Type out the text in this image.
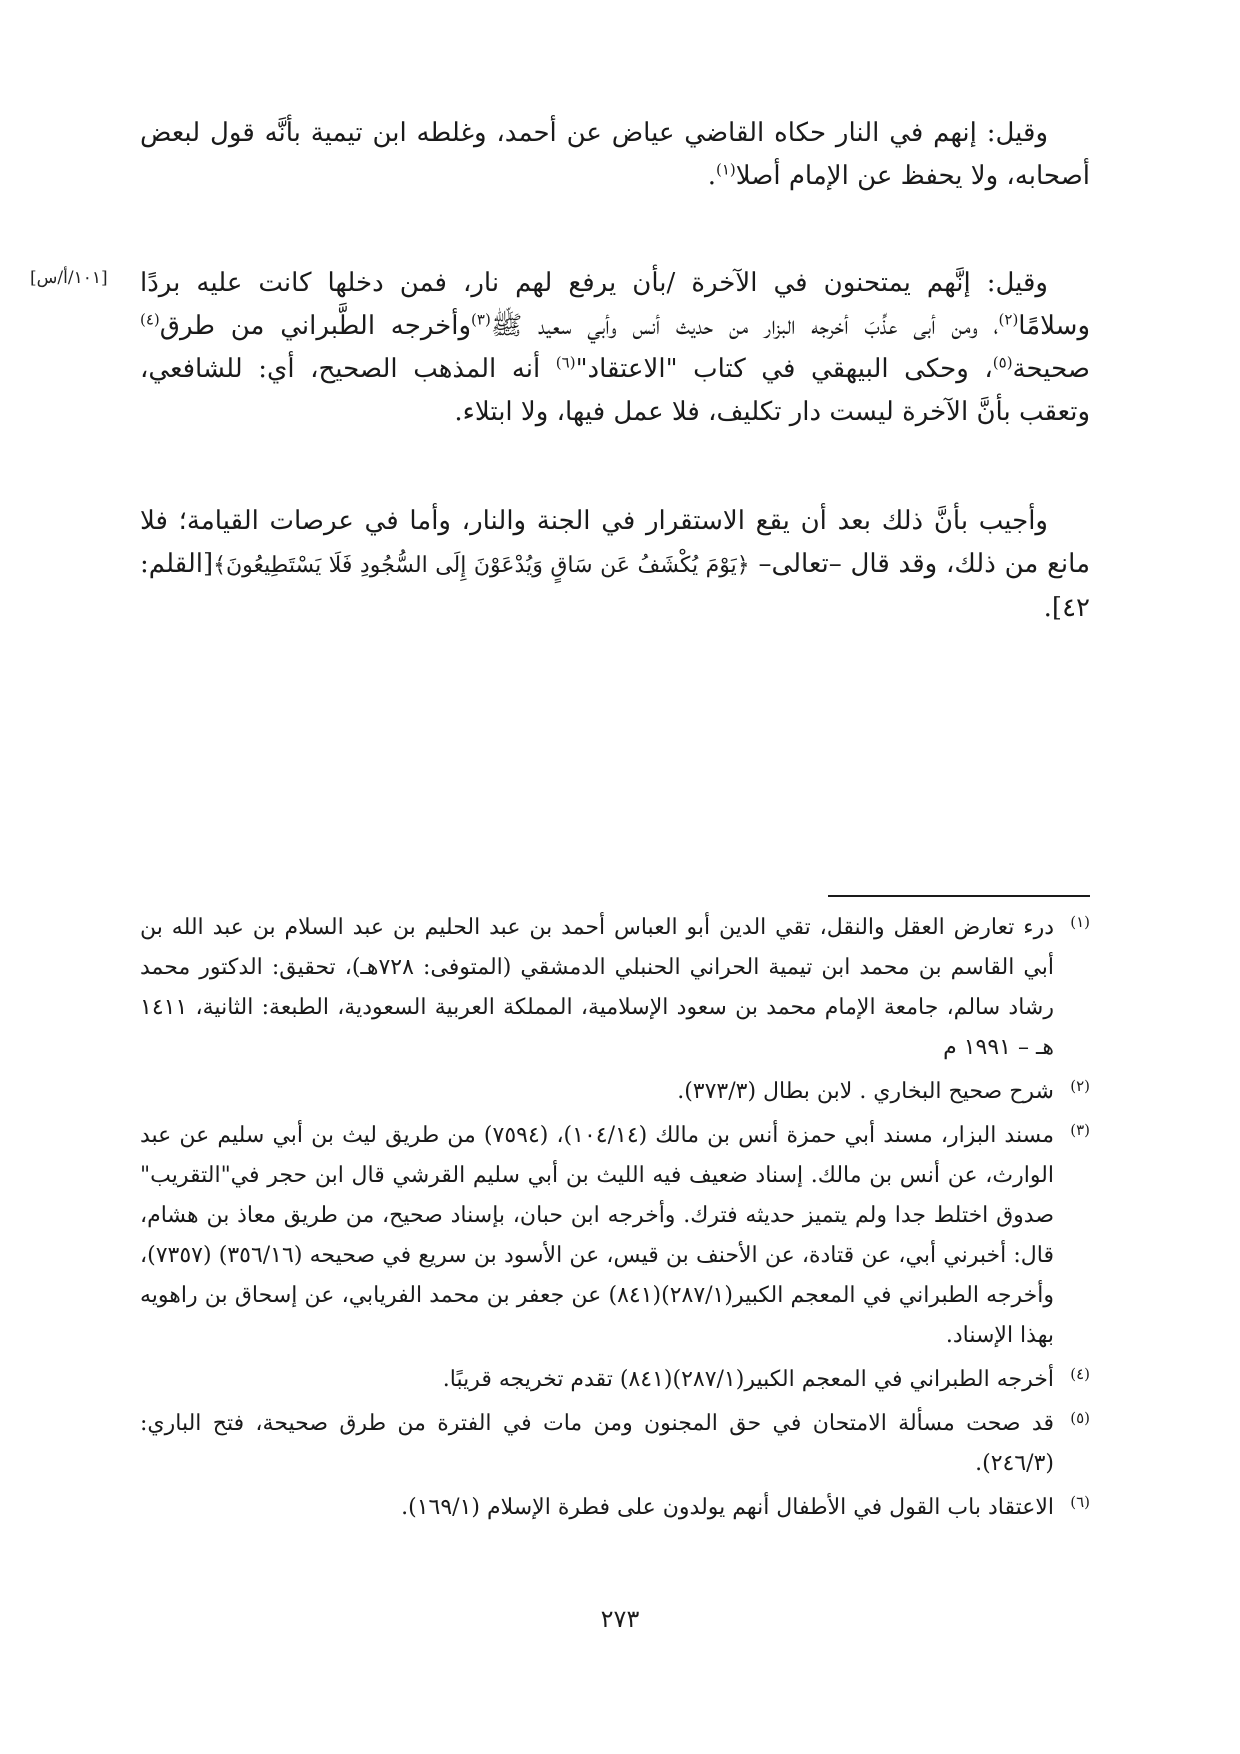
[١٠١/أ/س]

وقيل: إنهم في النار حكاه القاضي عياض عن أحمد، وغلطه ابن تيمية بأنَّه قول لبعض أصحابه، ولا يحفظ عن الإمام أصلا$^{(١)}$.

وقيل: إنَّهم يمتحنون في الآخرة /بأن يرفع لهم نار، فمن دخلها كانت عليه بردًا وسلامًا$^{(٢)}$، ومن أبى عذِّبَ أخرجه البزار من حديث أنس وأبي سعيد ﷺ$^{(٣)}$وأخرجه الطَّبراني من طرق$^{(٤)}$ صحيحة$^{(٥)}$، وحكى البيهقي في كتاب "الاعتقاد"$^{(٦)}$ أنه المذهب الصحيح، أي: للشافعي، وتعقب بأنَّ الآخرة ليست دار تكليف، فلا عمل فيها، ولا ابتلاء.

وأجيب بأنَّ ذلك بعد أن يقع الاستقرار في الجنة والنار، وأما في عرصات القيامة؛ فلا مانع من ذلك، وقد قال –تعالى– ﴿يَوْمَ يُكْشَفُ عَن سَاقٍ وَيُدْعَوْنَ إِلَى السُّجُودِ فَلَا يَسْتَطِيعُونَ﴾[القلم: ٤٢].

(١)
درء تعارض العقل والنقل، تقي الدين أبو العباس أحمد بن عبد الحليم بن عبد السلام بن عبد الله بن أبي القاسم بن محمد ابن تيمية الحراني الحنبلي الدمشقي (المتوفى: ٧٢٨هـ)، تحقيق: الدكتور محمد رشاد سالم، جامعة الإمام محمد بن سعود الإسلامية، المملكة العربية السعودية، الطبعة: الثانية، ١٤١١ هـ – ١٩٩١ م
(٢)
شرح صحيح البخاري . لابن بطال (٣٧٣/٣).
(٣)
مسند البزار، مسند أبي حمزة أنس بن مالك (١٠٤/١٤)، (٧٥٩٤) من طريق ليث بن أبي سليم عن عبد الوارث، عن أنس بن مالك. إسناد ضعيف فيه الليث بن أبي سليم القرشي قال ابن حجر في"التقريب" صدوق اختلط جدا ولم يتميز حديثه فترك. وأخرجه ابن حبان، بإسناد صحيح، من طريق معاذ بن هشام، قال: أخبرني أبي، عن قتادة، عن الأحنف بن قيس، عن الأسود بن سريع في صحيحه (٣٥٦/١٦) (٧٣٥٧)، وأخرجه الطبراني في المعجم الكبير(٢٨٧/١)(٨٤١) عن جعفر بن محمد الفريابي، عن إسحاق بن راهويه بهذا الإسناد.
(٤)
أخرجه الطبراني في المعجم الكبير(٢٨٧/١)(٨٤١) تقدم تخريجه قريبًا.
(٥)
قد صحت مسألة الامتحان في حق المجنون ومن مات في الفترة من طرق صحيحة، فتح الباري: (٢٤٦/٣).
(٦)
الاعتقاد باب القول في الأطفال أنهم يولدون على فطرة الإسلام (١٦٩/١).
٢٧٣
